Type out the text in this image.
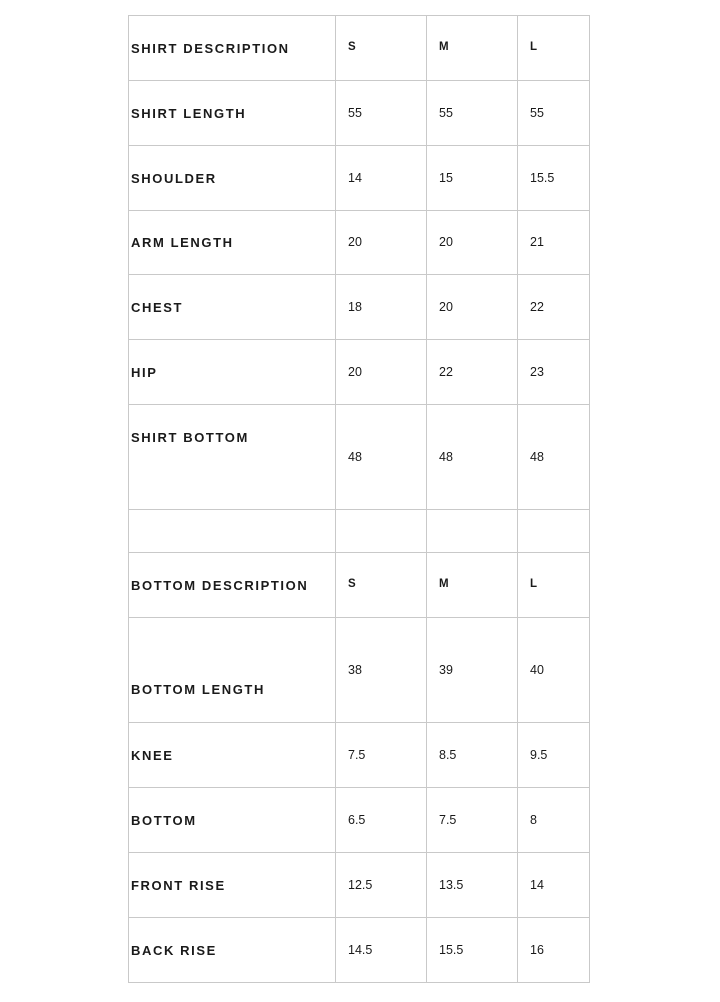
SHIRT DESCRIPTION	S	M	L
SHIRT LENGTH	55	55	55
SHOULDER	14	15	15.5
ARM LENGTH	20	20	21
CHEST	18	20	22
HIP	20	22	23
SHIRT BOTTOM	48	48	48

BOTTOM DESCRIPTION	S	M	L
BOTTOM LENGTH	38	39	40
KNEE	7.5	8.5	9.5
BOTTOM	6.5	7.5	8
FRONT RISE	12.5	13.5	14
BACK RISE	14.5	15.5	16
